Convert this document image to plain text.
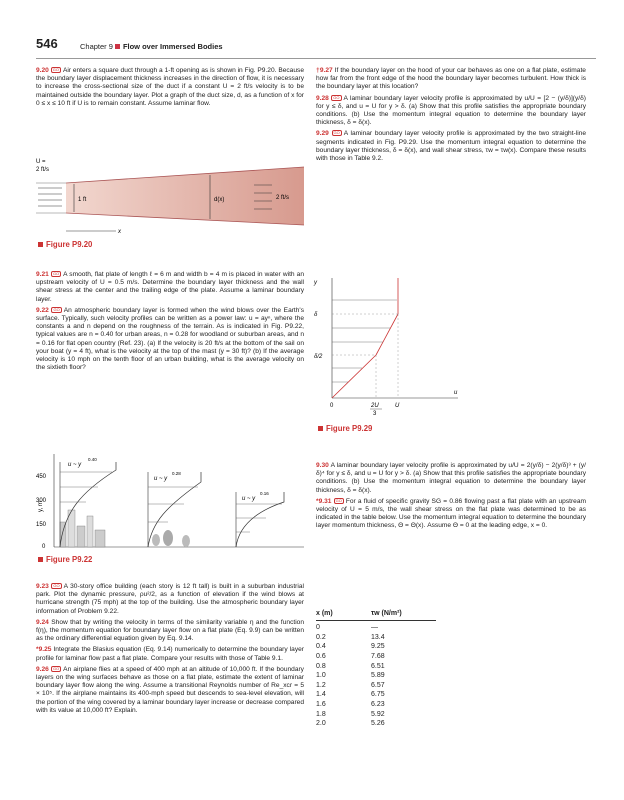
546	Chapter 9 Flow over Immersed Bodies

9.20 GO Air enters a square duct through a 1-ft opening as is shown in Fig. P9.20. Because the boundary layer displacement thickness increases in the direction of flow, it is necessary to increase the cross-sectional size of the duct if a constant U = 2 ft/s velocity is to be maintained outside the boundary layer. Plot a graph of the duct size, d, as a function of x for 0 ≤ x ≤ 10 ft if U is to remain constant. Assume laminar flow.

1 ft	d(x)	2 ft/s
U =
2 ft/s
x
Figure P9.20

9.21 GO A smooth, flat plate of length ℓ = 6 m and width b = 4 m is placed in water with an upstream velocity of U = 0.5 m/s. Determine the boundary layer thickness and the wall shear stress at the center and the trailing edge of the plate. Assume a laminar boundary layer.

9.22 GO An atmospheric boundary layer is formed when the wind blows over the Earth's surface. Typically, such velocity profiles can be written as a power law: u = ayⁿ, where the constants a and n depend on the roughness of the terrain. As is indicated in Fig. P9.22, typical values are n = 0.40 for urban areas, n = 0.28 for woodland or suburban areas, and n = 0.16 for flat open country (Ref. 23). (a) If the velocity is 20 ft/s at the bottom of the sail on your boat (y = 4 ft), what is the velocity at the top of the mast (y = 30 ft)? (b) If the average velocity is 10 mph on the tenth floor of an urban building, what is the average velocity on the sixtieth floor?

450
300
150
0
y, m
u ~ y
0.40
u ~ y
0.28
u ~ y
0.16
Figure P9.22

9.23 GO A 30-story office building (each story is 12 ft tall) is built in a suburban industrial park. Plot the dynamic pressure, ρu²/2, as a function of elevation if the wind blows at hurricane strength (75 mph) at the top of the building. Use the atmospheric boundary layer information of Problem 9.22.

9.24 Show that by writing the velocity in terms of the similarity variable η and the function f(η), the momentum equation for boundary layer flow on a flat plate (Eq. 9.9) can be written as the ordinary differential equation given by Eq. 9.14.

*9.25 Integrate the Blasius equation (Eq. 9.14) numerically to determine the boundary layer profile for laminar flow past a flat plate. Compare your results with those of Table 9.1.

9.26 GO An airplane flies at a speed of 400 mph at an altitude of 10,000 ft. If the boundary layers on the wing surfaces behave as those on a flat plate, estimate the extent of laminar boundary layer flow along the wing. Assume a transitional Reynolds number of Re_xcr = 5 × 10⁵. If the airplane maintains its 400-mph speed but descends to sea-level elevation, will the portion of the wing covered by a laminar boundary layer increase or decrease compared with its value at 10,000 ft? Explain.

†9.27 If the boundary layer on the hood of your car behaves as one on a flat plate, estimate how far from the front edge of the hood the boundary layer becomes turbulent. How thick is the boundary layer at this location?

9.28 GO A laminar boundary layer velocity profile is approximated by u/U = [2 − (y/δ)](y/δ) for y ≤ δ, and u = U for y > δ. (a) Show that this profile satisfies the appropriate boundary conditions. (b) Use the momentum integral equation to determine the boundary layer thickness, δ = δ(x).

9.29 GO A laminar boundary layer velocity profile is approximated by the two straight-line segments indicated in Fig. P9.29. Use the momentum integral equation to determine the boundary layer thickness, δ = δ(x), and wall shear stress, τw = τw(x). Compare these results with those in Table 9.2.

y
δ
δ/2
0	2U
3
U
u
Figure P9.29

9.30 A laminar boundary layer velocity profile is approximated by u/U = 2(y/δ) − 2(y/δ)³ + (y/δ)⁴ for y ≤ δ, and u = U for y > δ. (a) Show that this profile satisfies the appropriate boundary conditions. (b) Use the momentum integral equation to determine the boundary layer thickness, δ = δ(x).

*9.31 GO For a fluid of specific gravity SG = 0.86 flowing past a flat plate with an upstream velocity of U = 5 m/s, the wall shear stress on the flat plate was determined to be as indicated in the table below. Use the momentum integral equation to determine the boundary layer momentum thickness, Θ = Θ(x). Assume Θ = 0 at the leading edge, x = 0.

x (m)	τw (N/m²)
0	—
0.2	13.4
0.4	9.25
0.6	7.68
0.8	6.51
1.0	5.89
1.2	6.57
1.4	6.75
1.6	6.23
1.8	5.92
2.0	5.26
